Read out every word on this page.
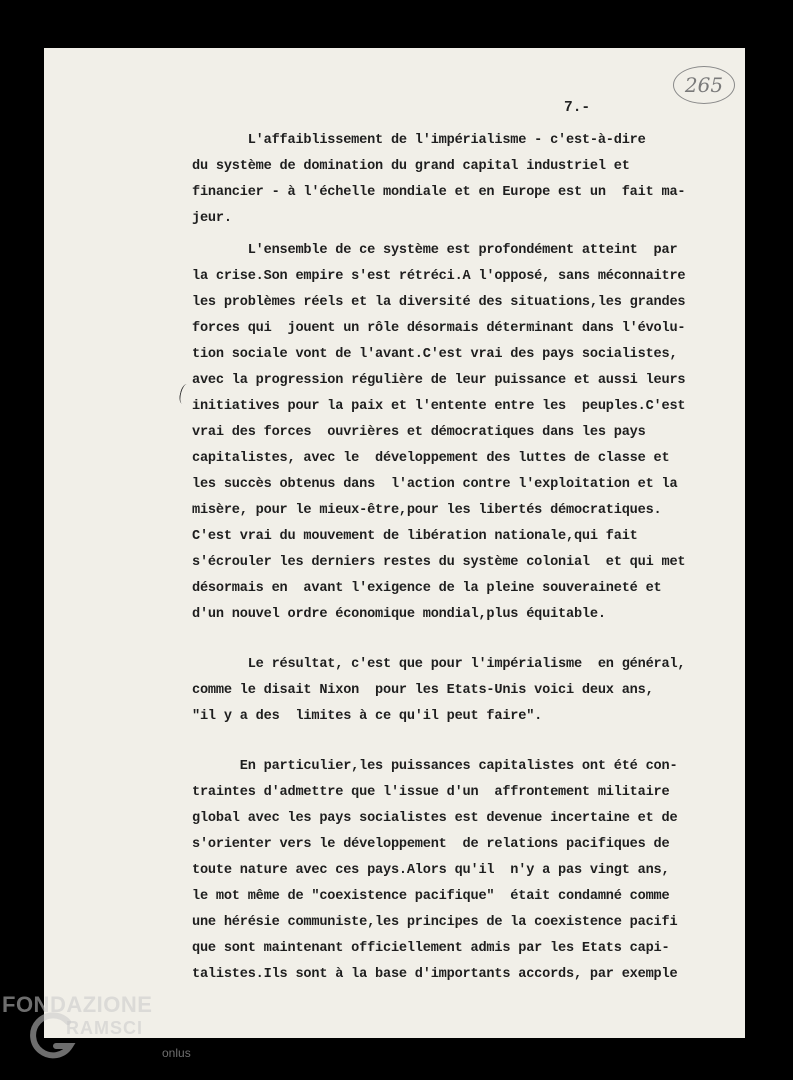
265
7.-
L'affaiblissement de l'impérialisme - c'est-à-dire
du système de domination du grand capital industriel et
financier - à l'échelle mondiale et en Europe est un  fait ma-
jeur.
L'ensemble de ce système est profondément atteint  par
la crise.Son empire s'est rétréci.A l'opposé, sans méconnaitre
les problèmes réels et la diversité des situations,les grandes
forces qui  jouent un rôle désormais déterminant dans l'évolu-
tion sociale vont de l'avant.C'est vrai des pays socialistes,
avec la progression régulière de leur puissance et aussi leurs
initiatives pour la paix et l'entente entre les  peuples.C'est
vrai des forces  ouvrières et démocratiques dans les pays
capitalistes, avec le  développement des luttes de classe et
les succès obtenus dans  l'action contre l'exploitation et la
misère, pour le mieux-être,pour les libertés démocratiques.
C'est vrai du mouvement de libération nationale,qui fait
s'écrouler les derniers restes du système colonial  et qui met
désormais en  avant l'exigence de la pleine souveraineté et
d'un nouvel ordre économique mondial,plus équitable.
Le résultat, c'est que pour l'impérialisme  en général,
comme le disait Nixon  pour les Etats-Unis voici deux ans,
"il y a des  limites à ce qu'il peut faire".
En particulier,les puissances capitalistes ont été con-
traintes d'admettre que l'issue d'un  affrontement militaire
global avec les pays socialistes est devenue incertaine et de
s'orienter vers le développement  de relations pacifiques de
toute nature avec ces pays.Alors qu'il  n'y a pas vingt ans,
le mot même de "coexistence pacifique"  était condamné comme
une hérésie communiste,les principes de la coexistence pacifi
que sont maintenant officiellement admis par les Etats capi-
talistes.Ils sont à la base d'importants accords, par exemple
FONDAZIONE
RAMSCI
onlus
